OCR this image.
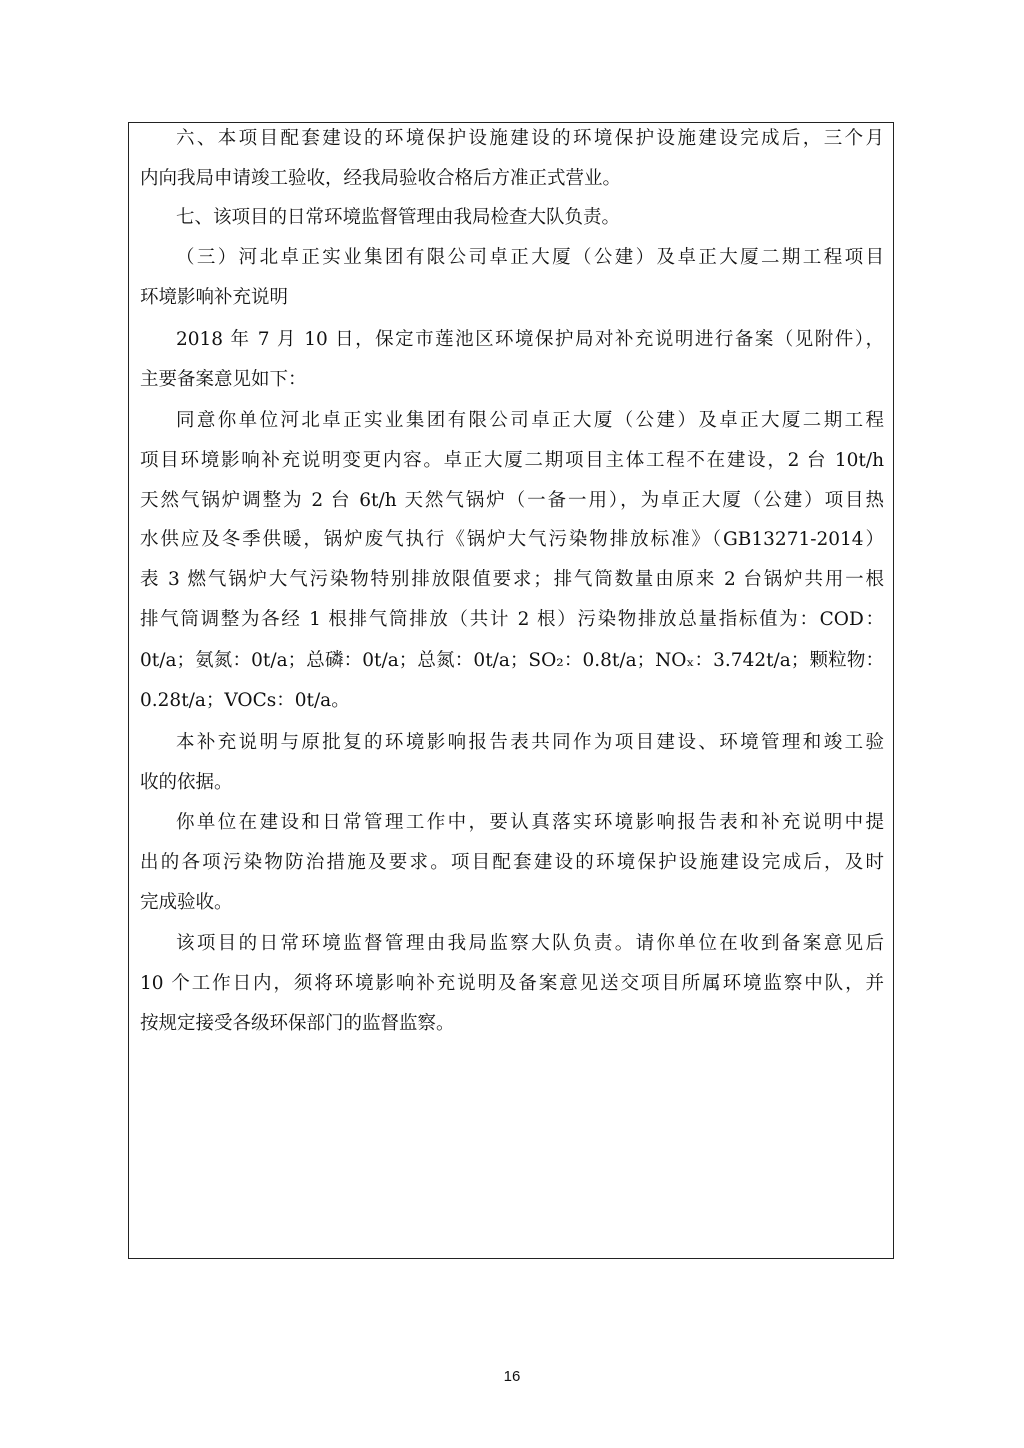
六、本项目配套建设的环境保护设施建设的环境保护设施建设完成后，三个月
内向我局申请竣工验收，经我局验收合格后方准正式营业。
七、该项目的日常环境监督管理由我局检查大队负责。
（三）河北卓正实业集团有限公司卓正大厦（公建）及卓正大厦二期工程项目
环境影响补充说明
2018 年 7 月 10 日，保定市莲池区环境保护局对补充说明进行备案（见附件），
主要备案意见如下：
同意你单位河北卓正实业集团有限公司卓正大厦（公建）及卓正大厦二期工程
项目环境影响补充说明变更内容。卓正大厦二期项目主体工程不在建设，2 台 10t/h
天然气锅炉调整为 2 台 6t/h 天然气锅炉（一备一用），为卓正大厦（公建）项目热
水供应及冬季供暖，锅炉废气执行《锅炉大气污染物排放标准》（GB13271-2014）
表 3 燃气锅炉大气污染物特别排放限值要求；排气筒数量由原来 2 台锅炉共用一根
排气筒调整为各经 1 根排气筒排放（共计 2 根）污染物排放总量指标值为：COD：
0t/a；氨氮：0t/a；总磷：0t/a；总氮：0t/a；SO₂：0.8t/a；NOₓ：3.742t/a；颗粒物：
0.28t/a；VOCs：0t/a。
本补充说明与原批复的环境影响报告表共同作为项目建设、环境管理和竣工验
收的依据。
你单位在建设和日常管理工作中，要认真落实环境影响报告表和补充说明中提
出的各项污染物防治措施及要求。项目配套建设的环境保护设施建设完成后，及时
完成验收。
该项目的日常环境监督管理由我局监察大队负责。请你单位在收到备案意见后
10 个工作日内，须将环境影响补充说明及备案意见送交项目所属环境监察中队，并
按规定接受各级环保部门的监督监察。
16
